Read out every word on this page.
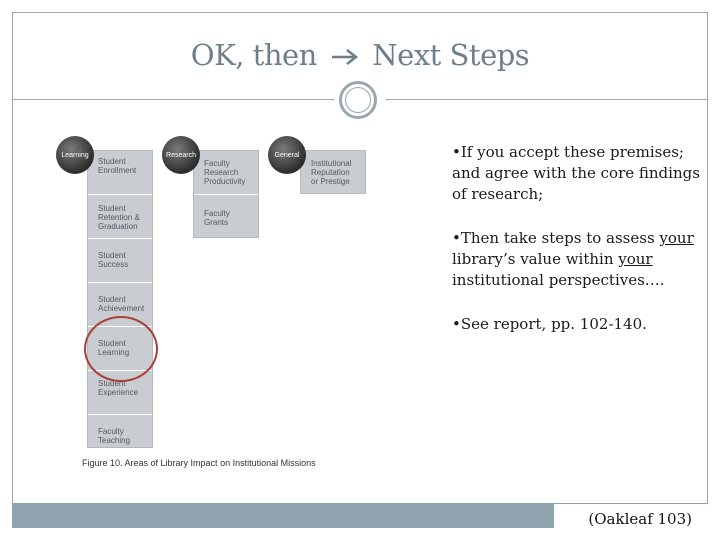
OK, then Next Steps
Student
Enrollment
Student
Retention &
Graduation
Student
Success
Student
Achievement
Student
Learning
Student
Experience
Faculty
Teaching
Learning
Faculty
Research
Productivity
Faculty
Grants
Research
Institutional
Reputation
or Prestige
General
Figure 10. Areas of Library Impact on Institutional Missions
•If you accept these premises; and agree with the core findings of research;
•Then take steps to assess your library’s value within your institutional perspectives….
•See report, pp. 102-140.
(Oakleaf 103)
